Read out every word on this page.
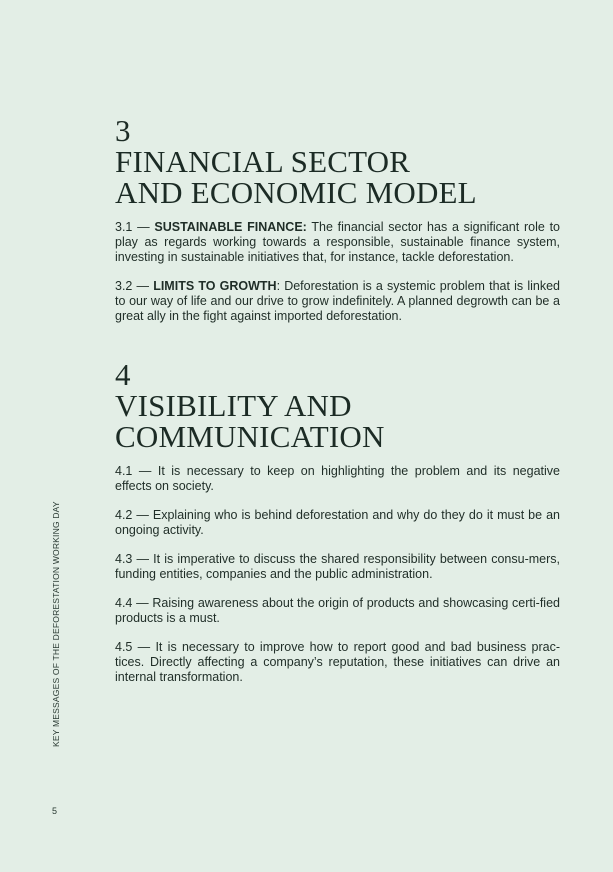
3
FINANCIAL SECTOR
AND ECONOMIC MODEL

3.1 — SUSTAINABLE FINANCE: The financial sector has a significant role to play as regards working towards a responsible, sustainable finance system, investing in sustainable initiatives that, for instance, tackle deforestation.

3.2 — LIMITS TO GROWTH: Deforestation is a systemic problem that is linked to our way of life and our drive to grow indefinitely. A planned degrowth can be a great ally in the fight against imported deforestation.

4
VISIBILITY AND
COMMUNICATION

4.1 — It is necessary to keep on highlighting the problem and its negative effects on society.

4.2 — Explaining who is behind deforestation and why do they do it must be an ongoing activity.

4.3 — It is imperative to discuss the shared responsibility between consu-mers, funding entities, companies and the public administration.

4.4 — Raising awareness about the origin of products and showcasing certi-fied products is a must.

4.5 — It is necessary to improve how to report good and bad business prac-tices. Directly affecting a company’s reputation, these initiatives can drive an internal transformation.

KEY MESSAGES OF THE DEFORESTATION WORKING DAY
5
